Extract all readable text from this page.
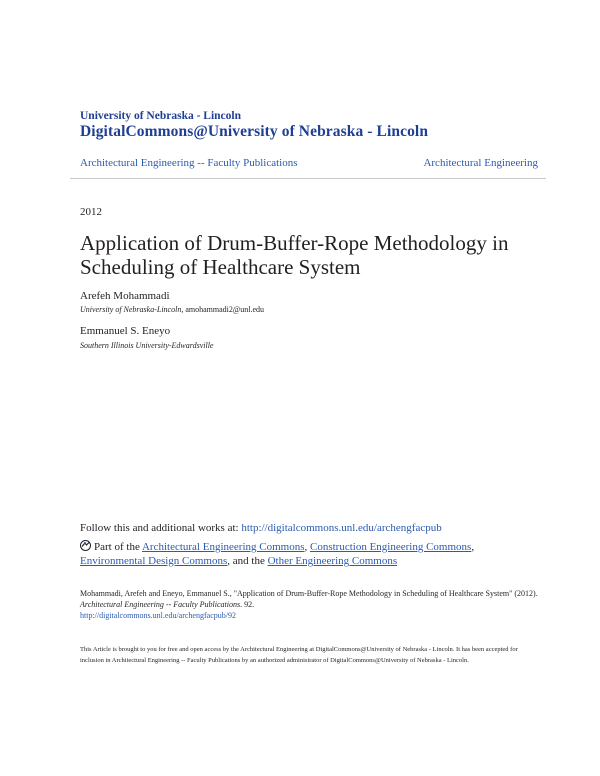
University of Nebraska - Lincoln
DigitalCommons@University of Nebraska - Lincoln
Architectural Engineering -- Faculty Publications	Architectural Engineering
2012
Application of Drum-Buffer-Rope Methodology in
Scheduling of Healthcare System
Arefeh Mohammadi
University of Nebraska-Lincoln, amohammadi2@unl.edu
Emmanuel S. Eneyo
Southern Illinois University-Edwardsville
Follow this and additional works at: http://digitalcommons.unl.edu/archengfacpub
Part of the Architectural Engineering Commons, Construction Engineering Commons,
Environmental Design Commons, and the Other Engineering Commons
Mohammadi, Arefeh and Eneyo, Emmanuel S., "Application of Drum-Buffer-Rope Methodology in Scheduling of Healthcare System" (2012). Architectural Engineering -- Faculty Publications. 92.
http://digitalcommons.unl.edu/archengfacpub/92
This Article is brought to you for free and open access by the Architectural Engineering at DigitalCommons@University of Nebraska - Lincoln. It has been accepted for inclusion in Architectural Engineering -- Faculty Publications by an authorized administrator of DigitalCommons@University of Nebraska - Lincoln.
